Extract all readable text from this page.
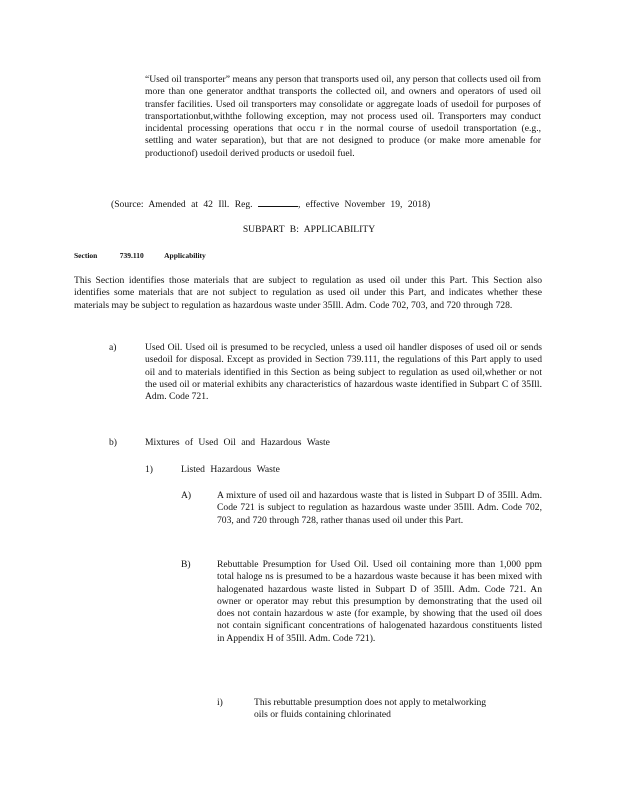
“Used oil transporter” means any person that transports used oil, any person that collects used oil from more than one generator andthat transports the collected oil, and owners and operators of used oil transfer facilities. Used oil transporters may consolidate or aggregate loads of usedoil for purposes of transportationbut,withthe following exception, may not process used oil. Transporters may conduct incidental processing operations that occu r in the normal course of usedoil transportation (e.g., settling and water separation), but that are not designed to produce (or make more amenable for productionof) usedoil derived products or usedoil fuel.

(Source: Amended at 42 Ill. Reg.	, effective November 19, 2018)

SUBPART B: APPLICABILITY

Section	739.110	Applicability

This Section identifies those materials that are subject to regulation as used oil under this Part. This Section also identifies some materials that are not subject to regulation as used oil under this Part, and indicates whether these materials may be subject to regulation as hazardous waste under 35Ill. Adm. Code 702, 703, and 720 through 728.

a)	Used Oil. Used oil is presumed to be recycled, unless a used oil handler disposes of used oil or sends usedoil for disposal. Except as provided in Section 739.111, the regulations of this Part apply to used oil and to materials identified in this Section as being subject to regulation as used oil,whether or not the used oil or material exhibits any characteristics of hazardous waste identified in Subpart C of 35Ill. Adm. Code 721.

b)	Mixtures of Used Oil and Hazardous Waste

1)	Listed Hazardous Waste

A)	A mixture of used oil and hazardous waste that is listed in Subpart D of 35Ill. Adm. Code 721 is subject to regulation as hazardous waste under 35Ill. Adm. Code 702, 703, and 720 through 728, rather thanas used oil under this Part.

B)	Rebuttable Presumption for Used Oil. Used oil containing more than 1,000 ppm total haloge ns is presumed to be a hazardous waste because it has been mixed with halogenated hazardous waste listed in Subpart D of 35Ill. Adm. Code 721. An owner or operator may rebut this presumption by demonstrating that the used oil does not contain hazardous w aste (for example, by showing that the used oil does not contain significant concentrations of halogenated hazardous constituents listed in Appendix H of 35Ill. Adm. Code 721).

i)	This rebuttable presumption does not apply to metalworking oils or fluids containing chlorinated
